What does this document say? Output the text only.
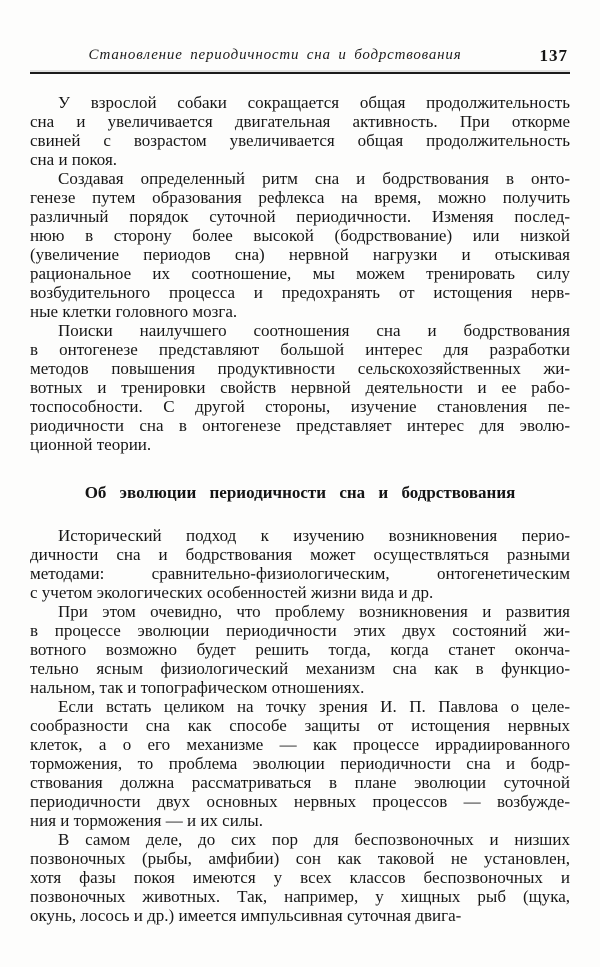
Становление периодичности сна и бодрствования	137
У взрослой собаки сокращается общая продолжительность
сна и увеличивается двигательная активность. При откорме
свиней с возрастом увеличивается общая продолжительность
сна и покоя.
Создавая определенный ритм сна и бодрствования в онто-
генезе путем образования рефлекса на время, можно получить
различный порядок суточной периодичности. Изменяя послед-
нюю в сторону более высокой (бодрствование) или низкой
(увеличение периодов сна) нервной нагрузки и отыскивая
рациональное их соотношение, мы можем тренировать силу
возбудительного процесса и предохранять от истощения нерв-
ные клетки головного мозга.
Поиски наилучшего соотношения сна и бодрствования
в онтогенезе представляют большой интерес для разработки
методов повышения продуктивности сельскохозяйственных жи-
вотных и тренировки свойств нервной деятельности и ее рабо-
тоспособности. С другой стороны, изучение становления пе-
риодичности сна в онтогенезе представляет интерес для эволю-
ционной теории.
Об эволюции периодичности сна и бодрствования
Исторический подход к изучению возникновения перио-
дичности сна и бодрствования может осуществляться разными
методами: сравнительно-физиологическим, онтогенетическим
с учетом экологических особенностей жизни вида и др.
При этом очевидно, что проблему возникновения и развития
в процессе эволюции периодичности этих двух состояний жи-
вотного возможно будет решить тогда, когда станет оконча-
тельно ясным физиологический механизм сна как в функцио-
нальном, так и топографическом отношениях.
Если встать целиком на точку зрения И. П. Павлова о целе-
сообразности сна как способе защиты от истощения нервных
клеток, а о его механизме — как процессе иррадиированного
торможения, то проблема эволюции периодичности сна и бодр-
ствования должна рассматриваться в плане эволюции суточной
периодичности двух основных нервных процессов — возбужде-
ния и торможения — и их силы.
В самом деле, до сих пор для беспозвоночных и низших
позвоночных (рыбы, амфибии) сон как таковой не установлен,
хотя фазы покоя имеются у всех классов беспозвоночных и
позвоночных животных. Так, например, у хищных рыб (щука,
окунь, лосось и др.) имеется импульсивная суточная двига-
